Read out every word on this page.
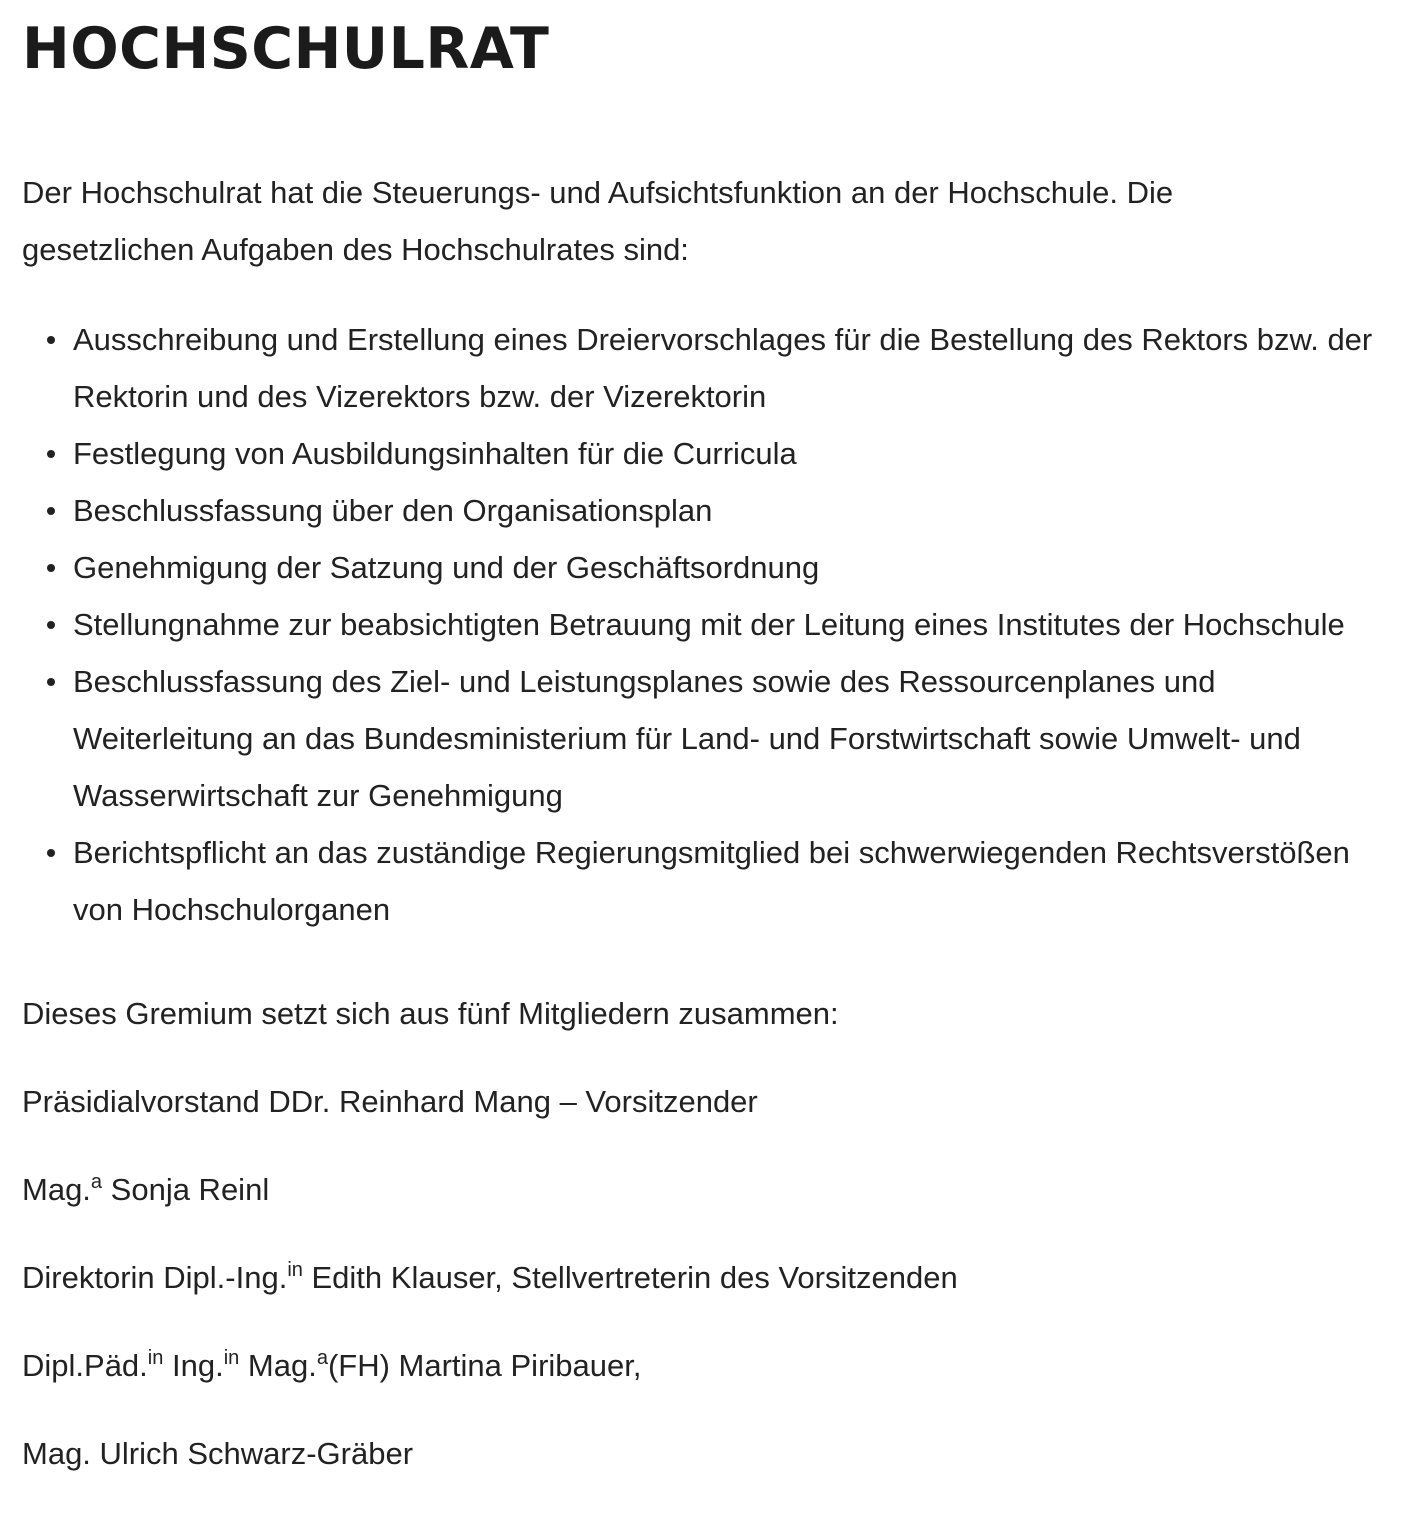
HOCHSCHULRAT

Der Hochschulrat hat die Steuerungs- und Aufsichtsfunktion an der Hochschule. Die gesetzlichen Aufgaben des Hochschulrates sind:

Ausschreibung und Erstellung eines Dreiervorschlages für die Bestellung des Rektors bzw. der Rektorin und des Vizerektors bzw. der Vizerektorin
Festlegung von Ausbildungsinhalten für die Curricula
Beschlussfassung über den Organisationsplan
Genehmigung der Satzung und der Geschäftsordnung
Stellungnahme zur beabsichtigten Betrauung mit der Leitung eines Institutes der Hochschule
Beschlussfassung des Ziel- und Leistungsplanes sowie des Ressourcenplanes und Weiterleitung an das Bundesministerium für Land- und Forstwirtschaft sowie Umwelt- und Wasserwirtschaft zur Genehmigung
Berichtspflicht an das zuständige Regierungsmitglied bei schwerwiegenden Rechtsverstößen von Hochschulorganen

Dieses Gremium setzt sich aus fünf Mitgliedern zusammen:

Präsidialvorstand DDr. Reinhard Mang – Vorsitzender

Mag.$^a$ Sonja Reinl

Direktorin Dipl.-Ing.$^{in}$ Edith Klauser, Stellvertreterin des Vorsitzenden

Dipl.Päd.$^{in}$ Ing.$^{in}$ Mag.$^a$(FH) Martina Piribauer,

Mag. Ulrich Schwarz-Gräber
